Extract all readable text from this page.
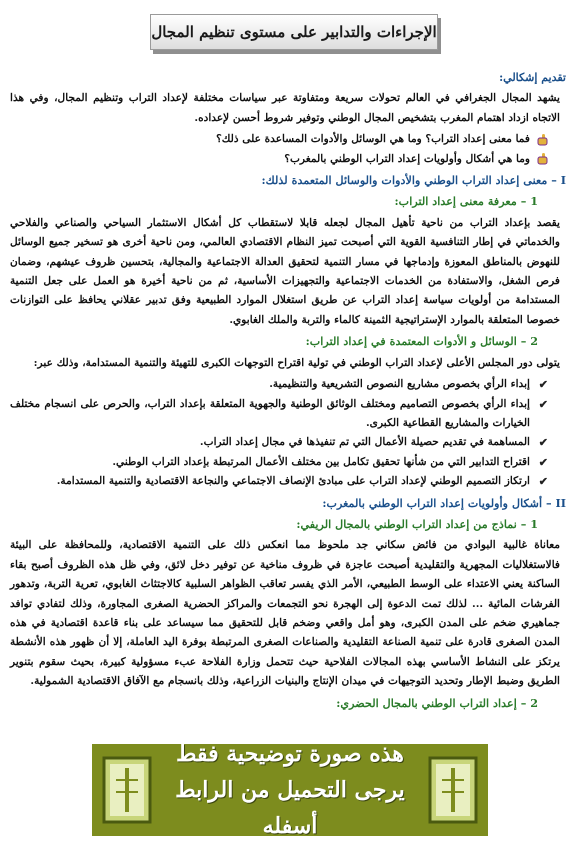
الإجراءات والتدابير على مستوى تنظيم المجال

تقديم إشكالي:

يشهد المجال الجغرافي في العالم تحولات سريعة ومتفاوتة عبر سياسات مختلفة لإعداد التراب وتنظيم المجال، وفي هذا الاتجاه ازداد اهتمام المغرب بتشخيص المجال الوطني وتوفير شروط أحسن لإعداده.

فما معنى إعداد التراب؟ وما هي الوسائل والأدوات المساعدة على ذلك؟
وما هي أشكال وأولويات إعداد التراب الوطني بالمغرب؟

I – معنى إعداد التراب الوطني والأدوات والوسائل المتعمدة لذلك:

1 – معرفة معنى إعداد التراب:

يقصد بإعداد التراب من ناحية تأهيل المجال لجعله قابلا لاستقطاب كل أشكال الاستثمار السياحي والصناعي والفلاحي والخدماتي في إطار التنافسية القوية التي أصبحت تميز النظام الاقتصادي العالمي، ومن ناحية أخرى هو تسخير جميع الوسائل للنهوض بالمناطق المعوزة وإدماجها في مسار التنمية لتحقيق العدالة الاجتماعية والمجالية، بتحسين ظروف عيشهم، وضمان فرص الشغل، والاستفادة من الخدمات الاجتماعية والتجهيزات الأساسية، ثم من ناحية أخيرة هو العمل على جعل التنمية المستدامة من أولويات سياسة إعداد التراب عن طريق استغلال الموارد الطبيعية وفق تدبير عقلاني يحافظ على التوازنات خصوصا المتعلقة بالموارد الإستراتيجية الثمينة كالماء والتربة والملك الغابوي.

2 – الوسائل و الأدوات المعتمدة في إعداد التراب:

يتولى دور المجلس الأعلى لإعداد التراب الوطني في تولية اقتراح التوجهات الكبرى للتهيئة والتنمية المستدامة، وذلك عبر:

✔ إبداء الرأي بخصوص مشاريع النصوص التشريعية والتنظيمية.
✔ إبداء الرأي بخصوص التصاميم ومختلف الوثائق الوطنية والجهوية المتعلقة بإعداد التراب، والحرص على انسجام مختلف الخيارات والمشاريع القطاعية الكبرى.
✔ المساهمة في تقديم حصيلة الأعمال التي تم تنفيذها في مجال إعداد التراب.
✔ اقتراح التدابير التي من شأنها تحقيق تكامل بين مختلف الأعمال المرتبطة بإعداد التراب الوطني.
✔ ارتكاز التصميم الوطني لإعداد التراب على مبادئ الإنصاف الاجتماعي والنجاعة الاقتصادية والتنمية المستدامة.

II – أشكال وأولويات إعداد التراب الوطني بالمغرب:

1 – نماذج من إعداد التراب الوطني بالمجال الريفي:

معاناة غالبية البوادي من فائض سكاني جد ملحوظ مما انعكس ذلك على التنمية الاقتصادية، وللمحافظة على البيئة فالاستغلاليات المجهرية والتقليدية أصبحت عاجزة في ظروف مناخية عن توفير دخل لائق، وفي ظل هذه الظروف أصبح بقاء الساكنة يعني الاعتداء على الوسط الطبيعي، الأمر الذي يفسر تعاقب الظواهر السلبية كالاجتثاث الغابوي، تعرية التربة، وتدهور الفرشات المائية ... لذلك تمت الدعوة إلى الهجرة نحو التجمعات والمراكز الحضرية الصغرى المجاورة، وذلك لتفادي توافد جماهيري ضخم على المدن الكبرى، وهو أمل واقعي وضخم قابل للتحقيق مما سيساعد على بناء قاعدة اقتصادية في هذه المدن الصغرى قادرة على تنمية الصناعة التقليدية والصناعات الصغرى المرتبطة بوفرة اليد العاملة، إلا أن ظهور هذه الأنشطة يرتكز على النشاط الأساسي بهذه المجالات الفلاحية حيث تتحمل وزارة الفلاحة عبء مسؤولية كبيرة، بحيث سقوم بتنوير الطريق وضبط الإطار وتحديد التوجيهات في ميدان الإنتاج والبنيات الزراعية، وذلك بانسجام مع الآفاق الاقتصادية الشمولية.

2 – إعداد التراب الوطني بالمجال الحضري:

هذه صورة توضيحية فقط
يرجى التحميل من الرابط أسفله
